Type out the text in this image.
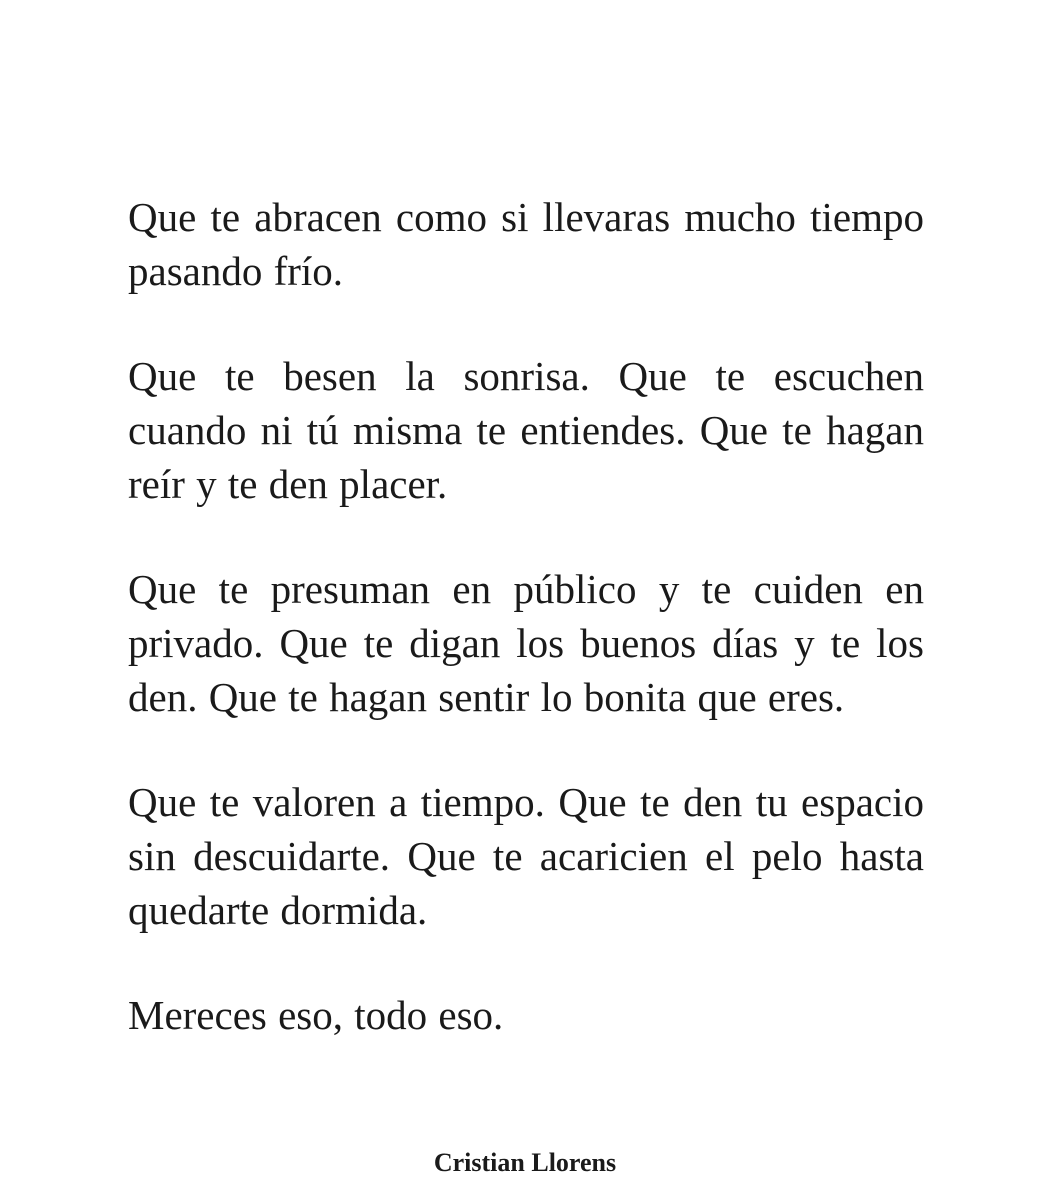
Que te abracen como si llevaras mucho tiempo pasando frío.

Que te besen la sonrisa. Que te escuchen cuando ni tú misma te entiendes. Que te hagan reír y te den placer.

Que te presuman en público y te cuiden en privado. Que te digan los buenos días y te los den. Que te hagan sentir lo bonita que eres.

Que te valoren a tiempo. Que te den tu espacio sin descuidarte. Que te acaricien el pelo hasta quedarte dormida.

Mereces eso, todo eso.

Cristian Llorens
